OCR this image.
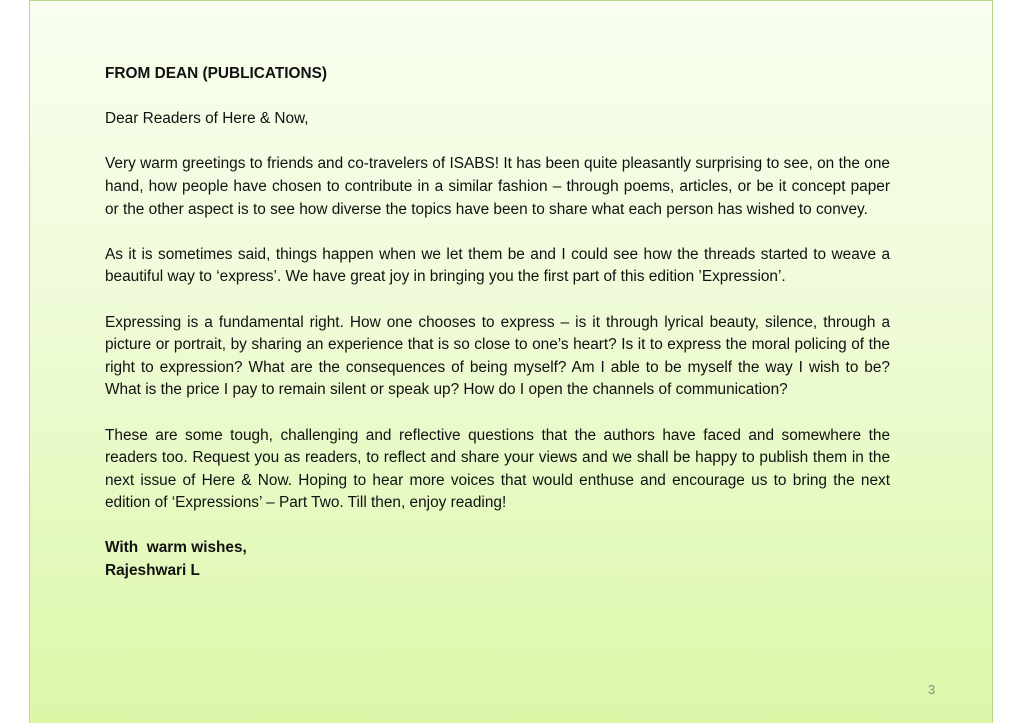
FROM DEAN (PUBLICATIONS)

Dear Readers of Here & Now,

Very warm greetings to friends and co-travelers of ISABS! It has been quite pleasantly surprising to see, on the one hand, how people have chosen to contribute in a similar fashion – through poems, articles, or be it concept paper or the other aspect is to see how diverse the topics have been to share what each person has wished to convey.

As it is sometimes said, things happen when we let them be and I could see how the threads started to weave a beautiful way to ‘express’. We have great joy in bringing you the first part of this edition ’Expression’.

Expressing is a fundamental right. How one chooses to express – is it through lyrical beauty, silence, through a picture or portrait, by sharing an experience that is so close to one’s heart? Is it to express the moral policing of the right to expression? What are the consequences of being myself? Am I able to be myself the way I wish to be? What is the price I pay to remain silent or speak up? How do I open the channels of communication?

These are some tough, challenging and reflective questions that the authors have faced and somewhere the readers too. Request you as readers, to reflect and share your views and we shall be happy to publish them in the next issue of Here & Now. Hoping to hear more voices that would enthuse and encourage us to bring the next edition of ‘Expressions’ – Part Two. Till then, enjoy reading!

With  warm wishes,

Rajeshwari L

3
